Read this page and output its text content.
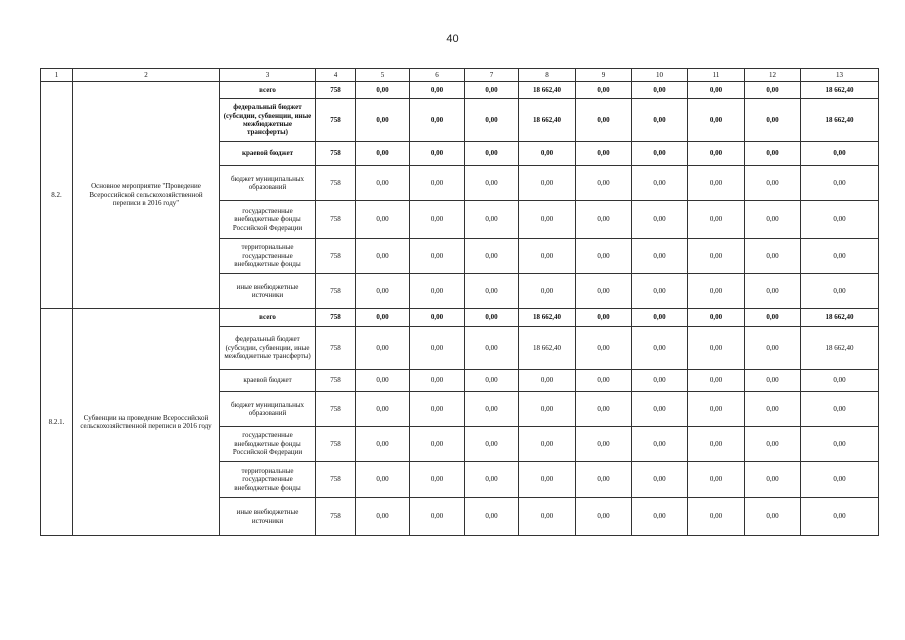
40
1	2	3	4	5	6	7	8	9	10	11	12	13
8.2.	Основное мероприятие "Проведение Всероссийской сельскохозяйственной переписи в 2016 году"	всего	758	0,00	0,00	0,00	18 662,40	0,00	0,00	0,00	0,00	18 662,40
		федеральный бюджет (субсидии, субвенции, иные межбюджетные трансферты)	758	0,00	0,00	0,00	18 662,40	0,00	0,00	0,00	0,00	18 662,40
		краевой бюджет	758	0,00	0,00	0,00	0,00	0,00	0,00	0,00	0,00	0,00
		бюджет муниципальных образований	758	0,00	0,00	0,00	0,00	0,00	0,00	0,00	0,00	0,00
		государственные внебюджетные фонды Российской Федерации	758	0,00	0,00	0,00	0,00	0,00	0,00	0,00	0,00	0,00
		территориальные государственные внебюджетные фонды	758	0,00	0,00	0,00	0,00	0,00	0,00	0,00	0,00	0,00
		иные внебюджетные источники	758	0,00	0,00	0,00	0,00	0,00	0,00	0,00	0,00	0,00
8.2.1.	Субвенции на проведение Всероссийской сельскохозяйственной переписи в 2016 году	всего	758	0,00	0,00	0,00	18 662,40	0,00	0,00	0,00	0,00	18 662,40
		федеральный бюджет (субсидии, субвенции, иные межбюджетные трансферты)	758	0,00	0,00	0,00	18 662,40	0,00	0,00	0,00	0,00	18 662,40
		краевой бюджет	758	0,00	0,00	0,00	0,00	0,00	0,00	0,00	0,00	0,00
		бюджет муниципальных образований	758	0,00	0,00	0,00	0,00	0,00	0,00	0,00	0,00	0,00
		государственные внебюджетные фонды Российской Федерации	758	0,00	0,00	0,00	0,00	0,00	0,00	0,00	0,00	0,00
		территориальные государственные внебюджетные фонды	758	0,00	0,00	0,00	0,00	0,00	0,00	0,00	0,00	0,00
		иные внебюджетные источники	758	0,00	0,00	0,00	0,00	0,00	0,00	0,00	0,00	0,00
